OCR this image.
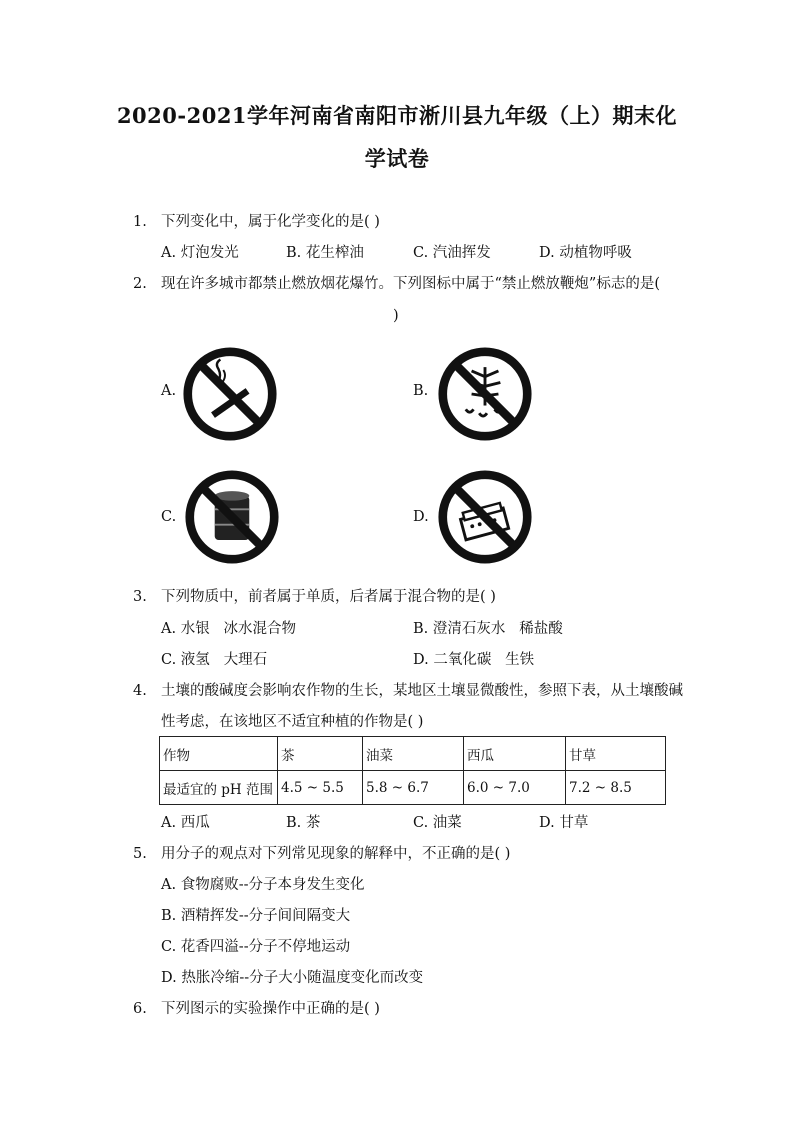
2020-2021学年河南省南阳市淅川县九年级（上）期末化
学试卷
1. 下列变化中，属于化学变化的是( )
A. 灯泡发光	B. 花生榨油	C. 汽油挥发	D. 动植物呼吸
2. 现在许多城市都禁止燃放烟花爆竹。下列图标中属于“禁止燃放鞭炮”标志的是(
)
A.	B.
C.	D.
3. 下列物质中，前者属于单质，后者属于混合物的是( )
A. 水银   冰水混合物	B. 澄清石灰水   稀盐酸
C. 液氢   大理石	D. 二氧化碳   生铁
4. 土壤的酸碱度会影响农作物的生长，某地区土壤显微酸性，参照下表，从土壤酸碱
性考虑，在该地区不适宜种植的作物是( )
作物	茶	油菜	西瓜	甘草
最适宜的 pH 范围	4.5 ~ 5.5	5.8 ~ 6.7	6.0 ~ 7.0	7.2 ~ 8.5
A. 西瓜	B. 茶	C. 油菜	D. 甘草
5. 用分子的观点对下列常见现象的解释中，不正确的是( )
A. 食物腐败--分子本身发生变化
B. 酒精挥发--分子间间隔变大
C. 花香四溢--分子不停地运动
D. 热胀冷缩--分子大小随温度变化而改变
6. 下列图示的实验操作中正确的是( )
